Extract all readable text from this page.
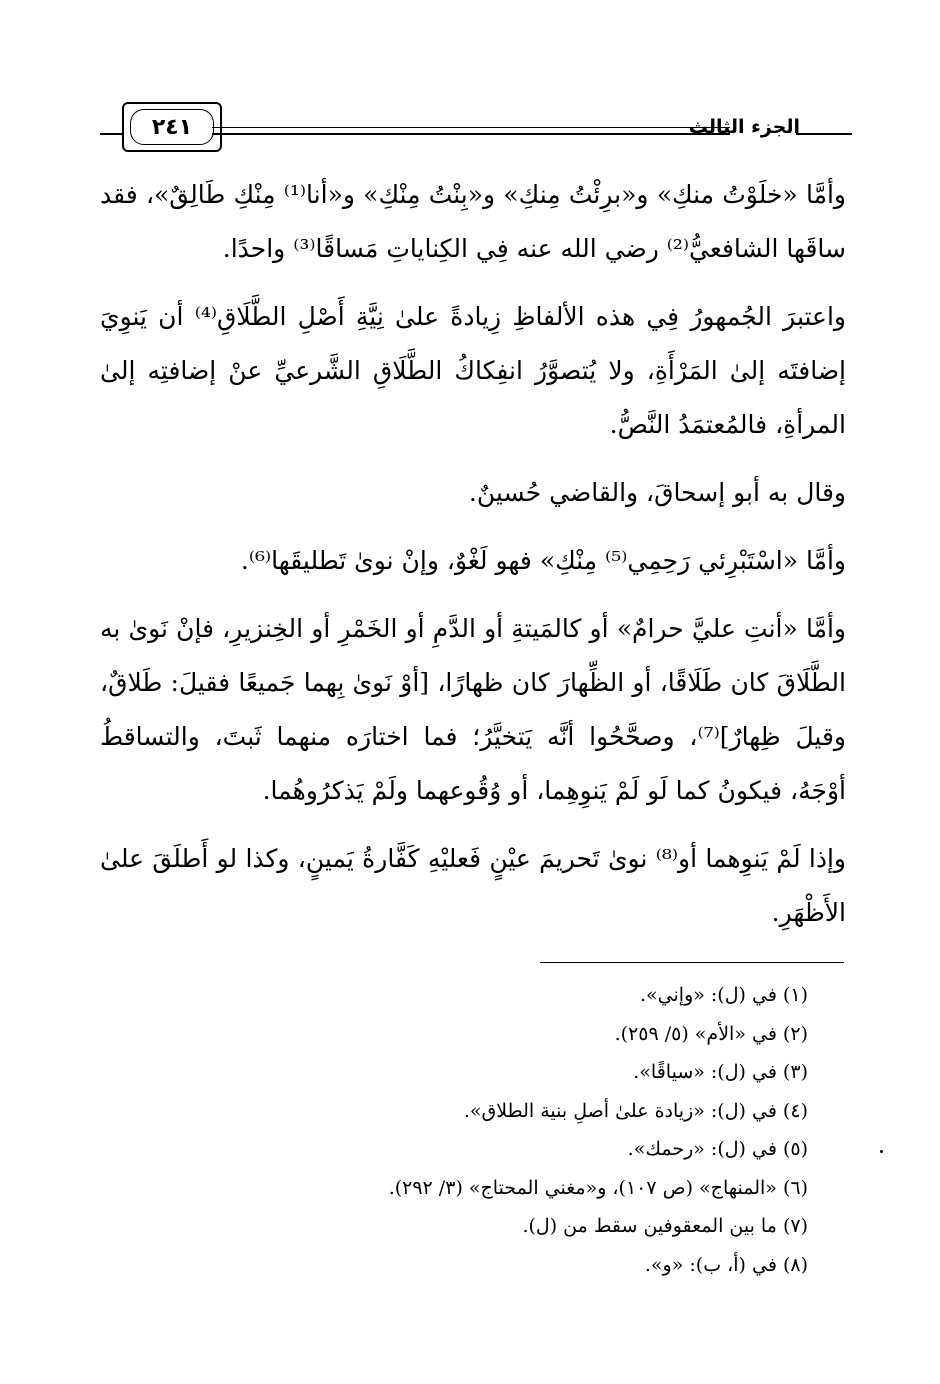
الجزء الثالث
٢٤١

وأمَّا «خلَوْتُ منكِ» و«برِئْتُ مِنكِ» و«بِنْتُ مِنْكِ» و«أنا⁽¹⁾ مِنْكِ طَالِقٌ»، فقد ساقَها الشافعيُّ⁽²⁾ رضي الله عنه فِي الكِناياتِ مَساقًا⁽³⁾ واحدًا.

واعتبرَ الجُمهورُ فِي هذه الألفاظِ زِيادةً علىٰ نِيَّةِ أَصْلِ الطَّلَاقِ⁽⁴⁾ أن يَنوِيَ إضافتَه إلىٰ المَرْأَةِ، ولا يُتصوَّرُ انفِكاكُ الطَّلَاقِ الشَّرعيِّ عنْ إضافتِه إلىٰ المرأةِ، فالمُعتمَدُ النَّصُّ.

وقال به أبو إسحاقَ، والقاضي حُسينٌ.

وأمَّا «اسْتَبْرِئي رَحِمِي⁽⁵⁾ مِنْكِ» فهو لَغْوٌ، وإنْ نوىٰ تَطليقَها⁽⁶⁾.

وأمَّا «أنتِ عليَّ حرامٌ» أو كالمَيتةِ أو الدَّمِ أو الخَمْرِ أو الخِنزيرِ، فإنْ نَوىٰ به الطَّلَاقَ كان طَلَاقًا، أو الظِّهارَ كان ظهارًا، [أوْ نَوىٰ بِهما جَميعًا فقيلَ: طَلاقٌ، وقيلَ ظِهارٌ]⁽⁷⁾، وصحَّحُوا أنَّه يَتخيَّرُ؛ فما اختارَه منهما ثَبتَ، والتساقطُ أوْجَهُ، فيكونُ كما لَو لَمْ يَنوِهِما، أو وُقُوعهما ولَمْ يَذكرُوهُما.

وإذا لَمْ يَنوِهما أو⁽⁸⁾ نوىٰ تَحريمَ عيْنٍ فَعليْهِ كَفَّارةُ يَمينٍ، وكذا لو أَطلَقَ علىٰ الأَظْهَرِ.

(١) في (ل): «وإني».

(٢) في «الأم» (٥/ ٢٥٩).

(٣) في (ل): «سياقًا».

(٤) في (ل): «زيادة علىٰ أصلِ بنية الطلاق».

(٥) في (ل): «رحمك».

(٦) «المنهاج» (ص ١٠٧)، و«مغني المحتاج» (٣/ ٢٩٢).

(٧) ما بين المعقوفين سقط من (ل).

(٨) في (أ، ب): «و».
